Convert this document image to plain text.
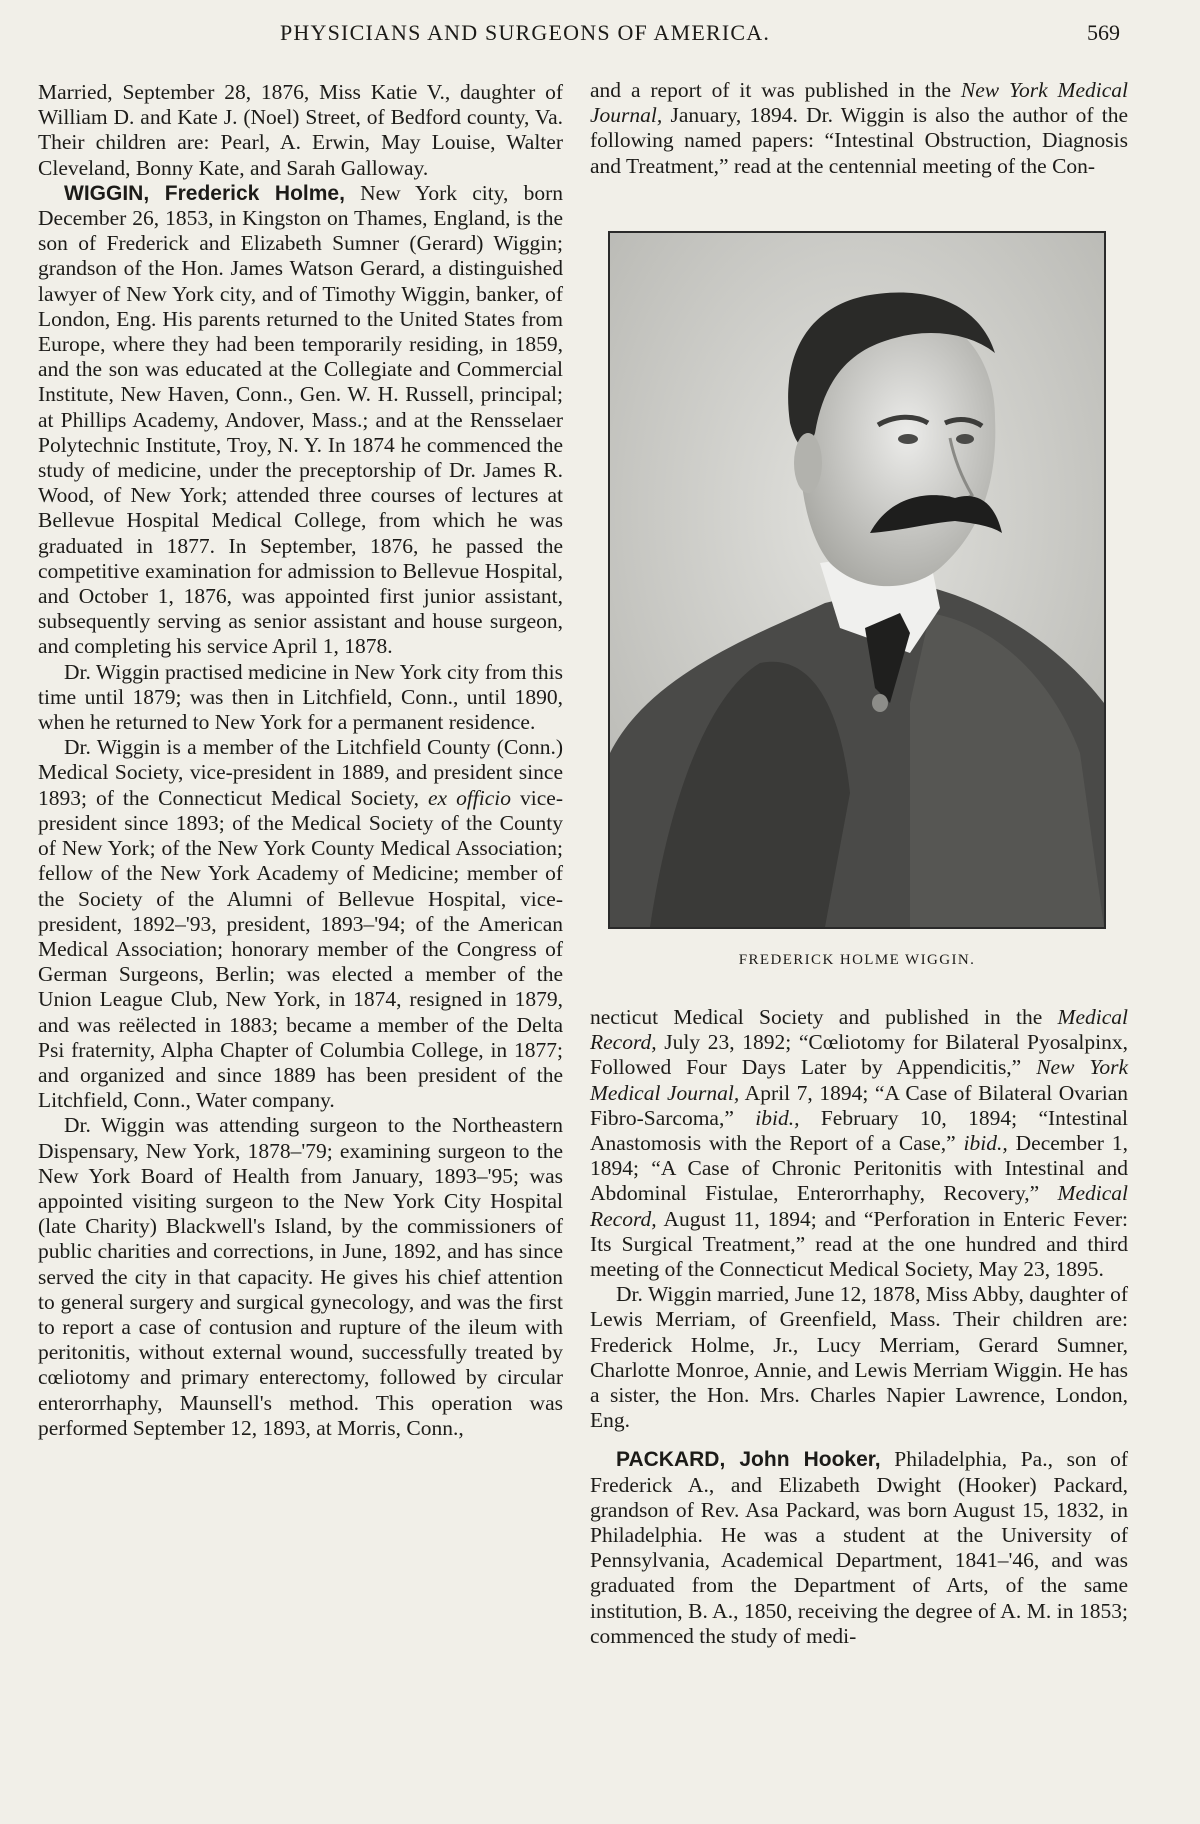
PHYSICIANS AND SURGEONS OF AMERICA.	569

Married, September 28, 1876, Miss Katie V., daughter of William D. and Kate J. (Noel) Street, of Bedford county, Va. Their children are: Pearl, A. Erwin, May Louise, Walter Cleveland, Bonny Kate, and Sarah Galloway.

WIGGIN, Frederick Holme, New York city, born December 26, 1853, in Kingston on Thames, England, is the son of Frederick and Elizabeth Sumner (Gerard) Wiggin; grandson of the Hon. James Watson Gerard, a distinguished lawyer of New York city, and of Timothy Wiggin, banker, of London, Eng. His parents returned to the United States from Europe, where they had been temporarily residing, in 1859, and the son was educated at the Collegiate and Commercial Institute, New Haven, Conn., Gen. W. H. Russell, principal; at Phillips Academy, Andover, Mass.; and at the Rensselaer Polytechnic Institute, Troy, N. Y. In 1874 he commenced the study of medicine, under the preceptorship of Dr. James R. Wood, of New York; attended three courses of lectures at Bellevue Hospital Medical College, from which he was graduated in 1877. In September, 1876, he passed the competitive examination for admission to Bellevue Hospital, and October 1, 1876, was appointed first junior assistant, subsequently serving as senior assistant and house surgeon, and completing his service April 1, 1878.

Dr. Wiggin practised medicine in New York city from this time until 1879; was then in Litchfield, Conn., until 1890, when he returned to New York for a permanent residence.

Dr. Wiggin is a member of the Litchfield County (Conn.) Medical Society, vice-president in 1889, and president since 1893; of the Connecticut Medical Society, ex officio vice-president since 1893; of the Medical Society of the County of New York; of the New York County Medical Association; fellow of the New York Academy of Medicine; member of the Society of the Alumni of Bellevue Hospital, vice-president, 1892–'93, president, 1893–'94; of the American Medical Association; honorary member of the Congress of German Surgeons, Berlin; was elected a member of the Union League Club, New York, in 1874, resigned in 1879, and was reëlected in 1883; became a member of the Delta Psi fraternity, Alpha Chapter of Columbia College, in 1877; and organized and since 1889 has been president of the Litchfield, Conn., Water company.

Dr. Wiggin was attending surgeon to the Northeastern Dispensary, New York, 1878–'79; examining surgeon to the New York Board of Health from January, 1893–'95; was appointed visiting surgeon to the New York City Hospital (late Charity) Blackwell's Island, by the commissioners of public charities and corrections, in June, 1892, and has since served the city in that capacity. He gives his chief attention to general surgery and surgical gynecology, and was the first to report a case of contusion and rupture of the ileum with peritonitis, without external wound, successfully treated by cœliotomy and primary enterectomy, followed by circular enterorrhaphy, Maunsell's method. This operation was performed September 12, 1893, at Morris, Conn.,

and a report of it was published in the New York Medical Journal, January, 1894. Dr. Wiggin is also the author of the following named papers: “Intestinal Obstruction, Diagnosis and Treatment,” read at the centennial meeting of the Con-

FREDERICK HOLME WIGGIN.

necticut Medical Society and published in the Medical Record, July 23, 1892; “Cœliotomy for Bilateral Pyosalpinx, Followed Four Days Later by Appendicitis,” New York Medical Journal, April 7, 1894; “A Case of Bilateral Ovarian Fibro-Sarcoma,” ibid., February 10, 1894; “Intestinal Anastomosis with the Report of a Case,” ibid., December 1, 1894; “A Case of Chronic Peritonitis with Intestinal and Abdominal Fistulae, Enterorrhaphy, Recovery,” Medical Record, August 11, 1894; and “Perforation in Enteric Fever: Its Surgical Treatment,” read at the one hundred and third meeting of the Connecticut Medical Society, May 23, 1895.

Dr. Wiggin married, June 12, 1878, Miss Abby, daughter of Lewis Merriam, of Greenfield, Mass. Their children are: Frederick Holme, Jr., Lucy Merriam, Gerard Sumner, Charlotte Monroe, Annie, and Lewis Merriam Wiggin. He has a sister, the Hon. Mrs. Charles Napier Lawrence, London, Eng.

PACKARD, John Hooker, Philadelphia, Pa., son of Frederick A., and Elizabeth Dwight (Hooker) Packard, grandson of Rev. Asa Packard, was born August 15, 1832, in Philadelphia. He was a student at the University of Pennsylvania, Academical Department, 1841–'46, and was graduated from the Department of Arts, of the same institution, B. A., 1850, receiving the degree of A. M. in 1853; commenced the study of medi-
